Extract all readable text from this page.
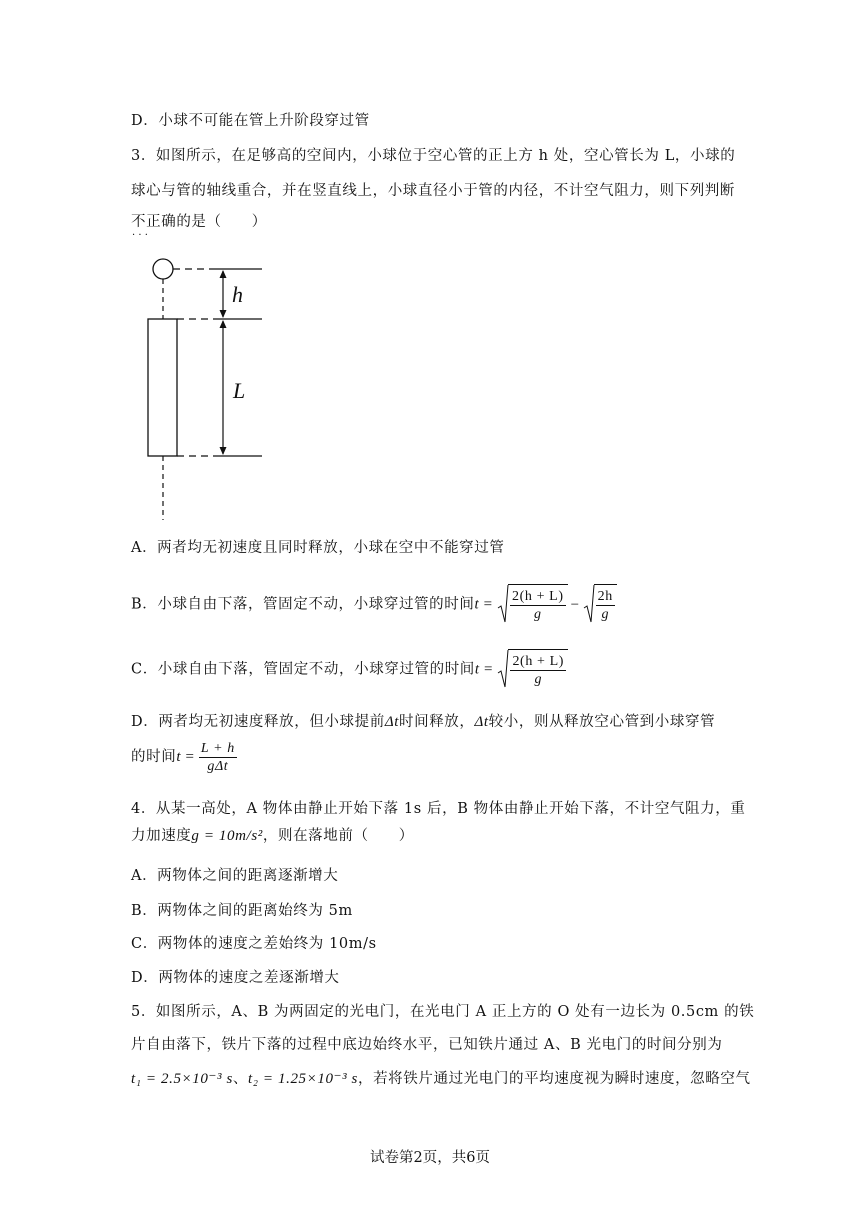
D．小球不可能在管上升阶段穿过管
3．如图所示，在足够高的空间内，小球位于空心管的正上方 h 处，空心管长为 L，小球的
球心与管的轴线重合，并在竖直线上，小球直径小于管的内径，不计空气阻力，则下列判断
不正确 · · ·的是（　　）
h
L
A．两者均无初速度且同时释放，小球在空中不能穿过管
B．小球自由下落，管固定不动，小球穿过管的时间$t = \frac{2(h + L)}{g} - \frac{2h}{g}$
C．小球自由下落，管固定不动，小球穿过管的时间$t = \frac{2(h + L)}{g}$
D．两者均无初速度释放，但小球提前Δt时间释放，Δt较小，则从释放空心管到小球穿管
的时间$t = \frac{L + h}{\text{gΔt}}$
4．从某一高处，A 物体由静止开始下落 1s 后，B 物体由静止开始下落，不计空气阻力，重
力加速度g = 10m/s²，则在落地前（　　）
A．两物体之间的距离逐渐增大
B．两物体之间的距离始终为 5m
C．两物体的速度之差始终为 10m/s
D．两物体的速度之差逐渐增大
5．如图所示，A、B 为两固定的光电门，在光电门 A 正上方的 O 处有一边长为 0.5cm 的铁
片自由落下，铁片下落的过程中底边始终水平，已知铁片通过 A、B 光电门的时间分别为
t₁ = 2.5×10⁻³ s、t₂ = 1.25×10⁻³ s，若将铁片通过光电门的平均速度视为瞬时速度，忽略空气
试卷第2页，共6页
